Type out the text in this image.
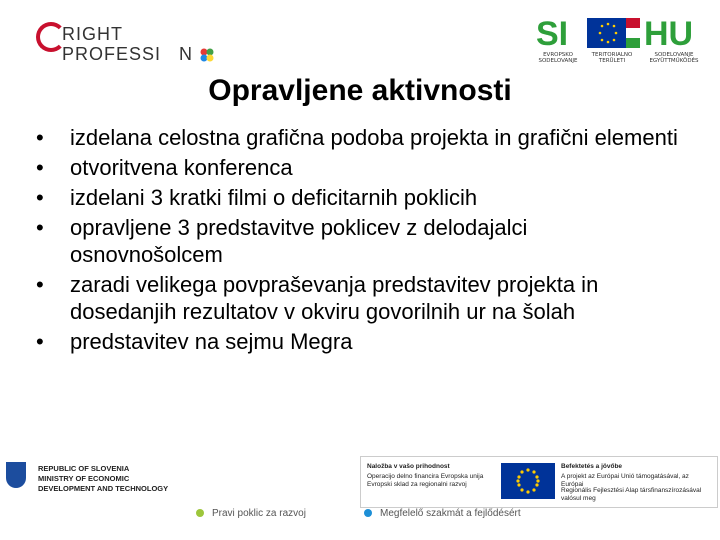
RIGHT
PROFESSI N
SI HU
EVROPSKO SODELOVANJE
TERITORIALNO TERÜLETI
SODELOVANJE EGYÜTTMŰKÖDÉS
Opravljene aktivnosti
• izdelana celostna grafična podoba projekta in grafični elementi
• otvoritvena konferenca
• izdelani 3 kratki filmi o deficitarnih poklicih
• opravljene 3 predstavitve poklicev z delodajalci osnovnošolcem
• zaradi velikega povpraševanja predstavitev projekta in dosedanjih rezultatov v okviru govorilnih ur na šolah
• predstavitev na sejmu Megra
REPUBLIC OF SLOVENIA
MINISTRY OF ECONOMIC
DEVELOPMENT AND TECHNOLOGY
Naložba v vašo prihodnost
Operacijo delno financira Evropska unija
Evropski sklad za regionalni razvoj
Befektetés a jövőbe
A projekt az Európai Unió támogatásával, az Európai
Regionális Fejlesztési Alap társfinanszírozásával valósul meg
Pravi poklic za razvoj	Megfelelő szakmát a fejlődésért
